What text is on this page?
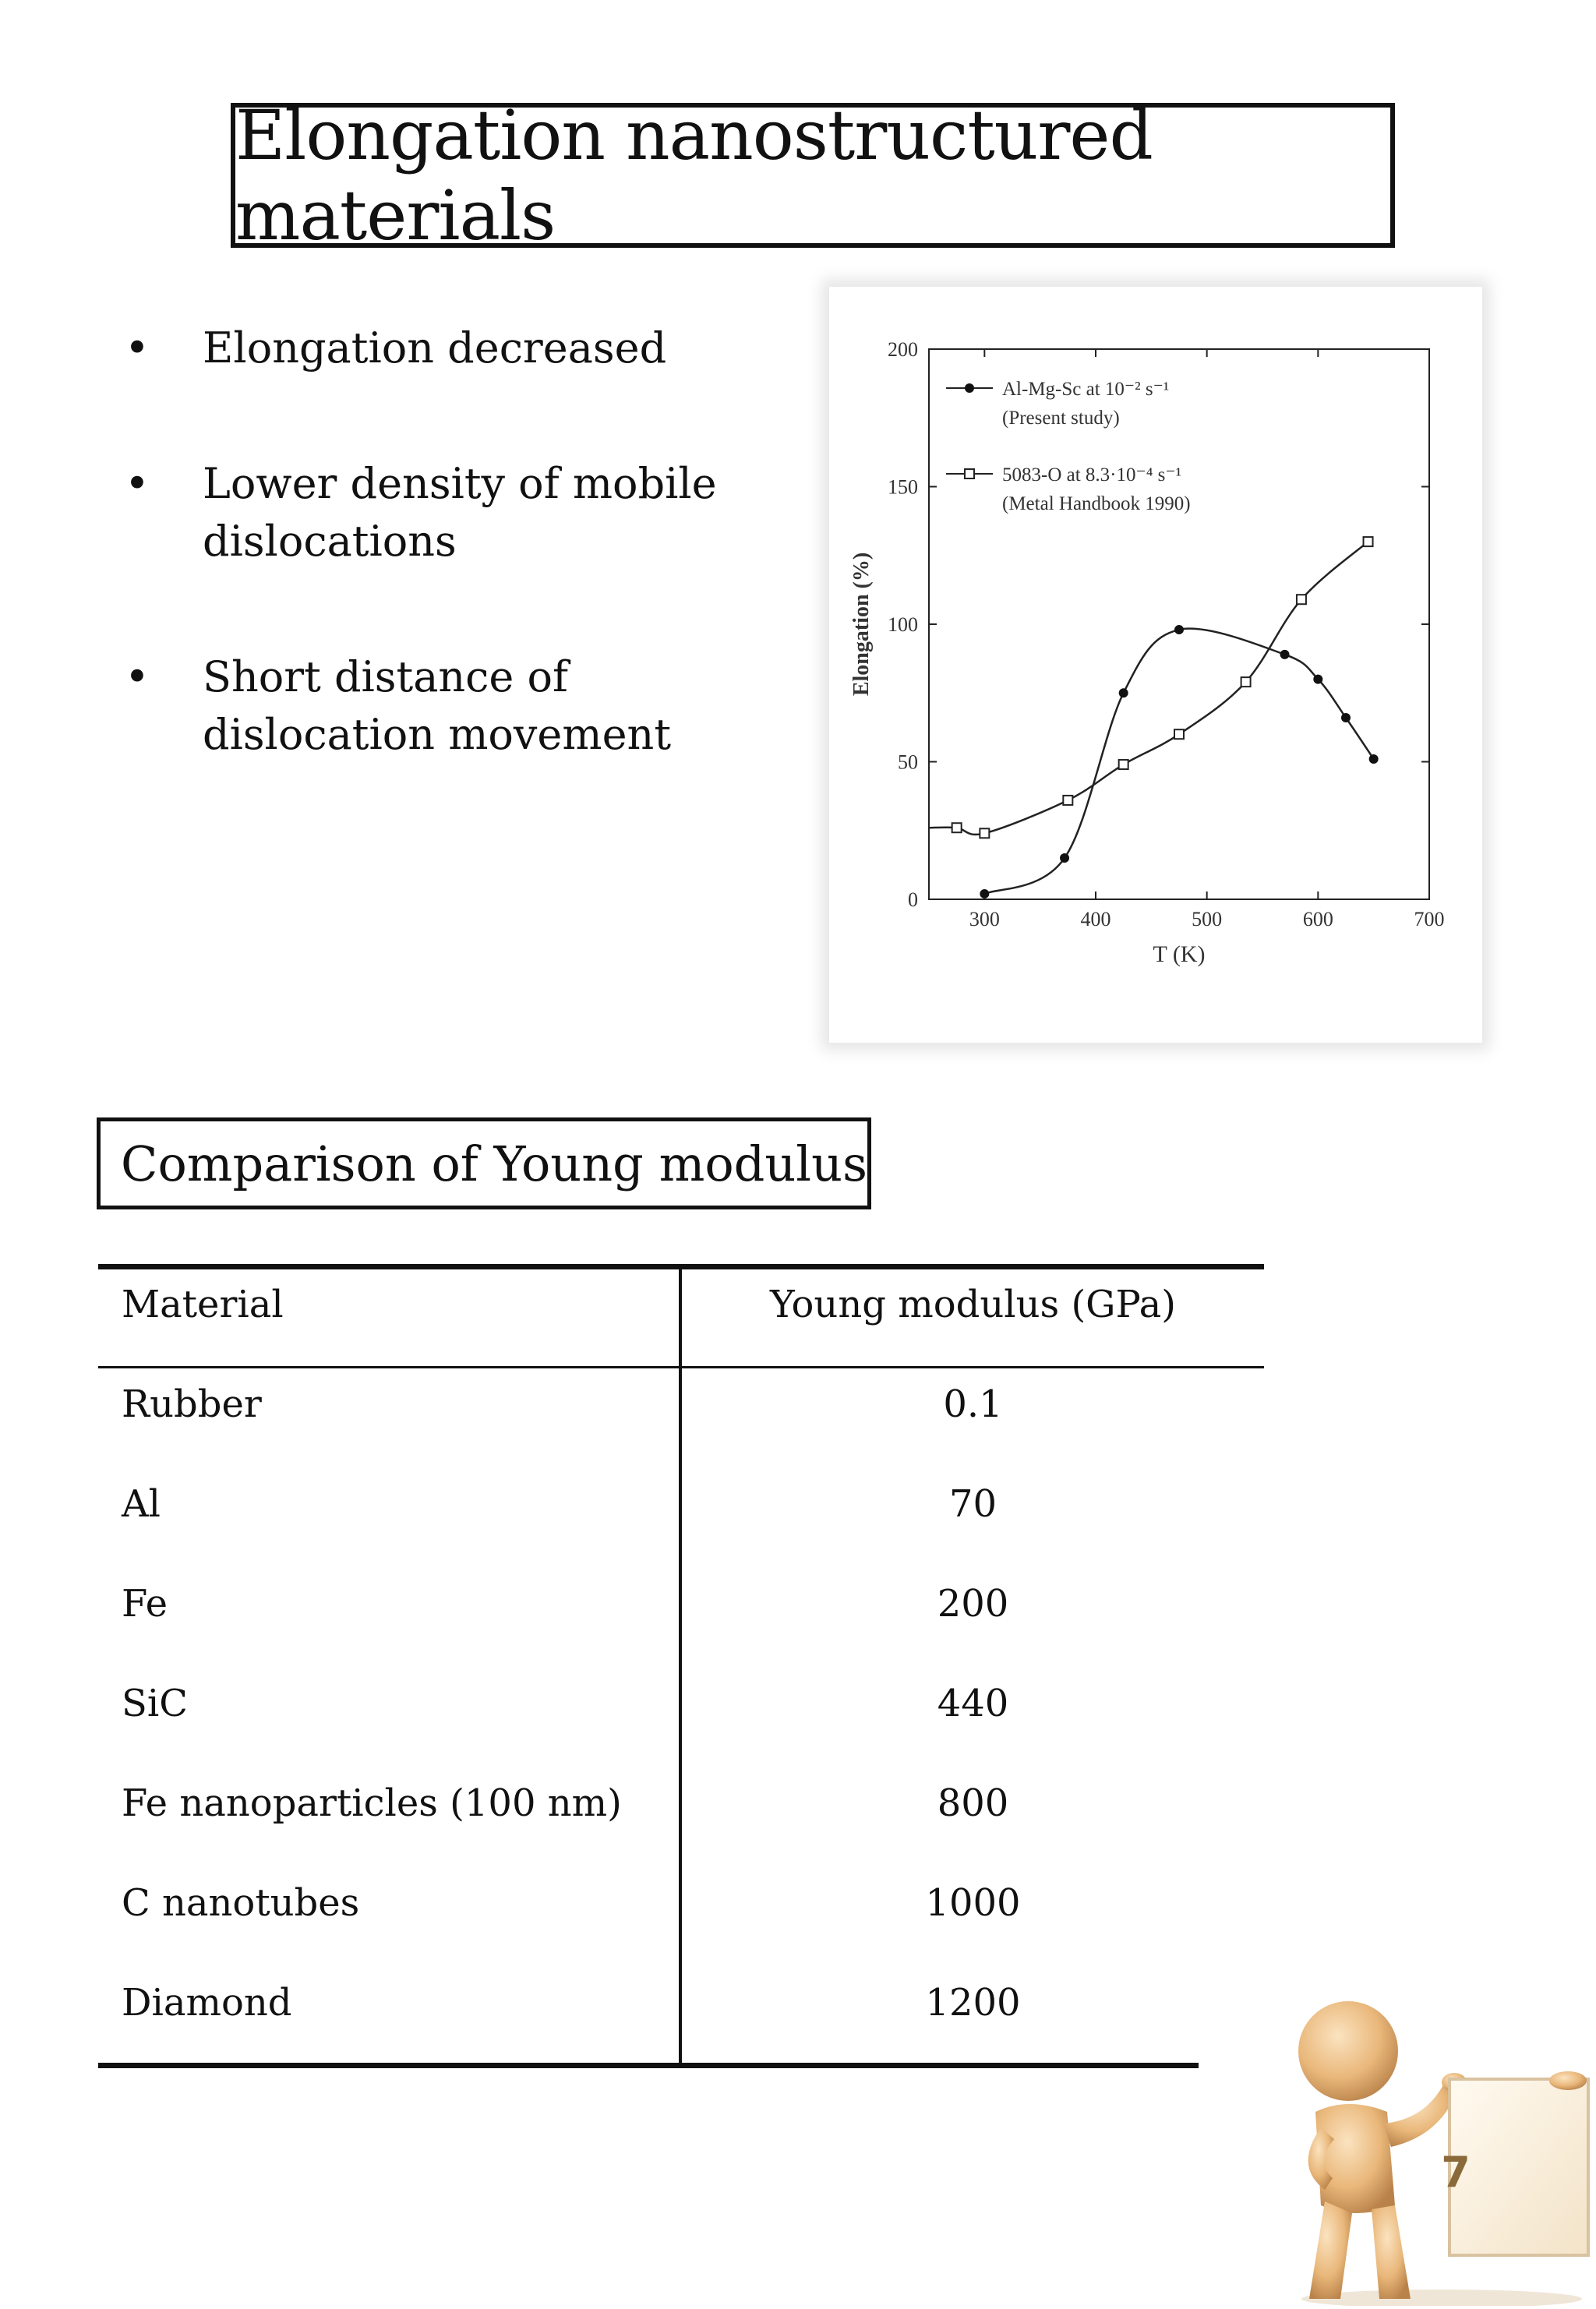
Elongation nanostructured materials
• Elongation decreased
• Lower density of mobile dislocations
• Short distance of dislocation movement
300	400	500	600	700
0
50
100
150
200
T (K)
Elongation (%)
Al-Mg-Sc at 10⁻² s⁻¹
(Present study)
5083-O at 8.3·10⁻⁴ s⁻¹
(Metal Handbook 1990)
Comparison of Young modulus
Material	Young modulus (GPa)
Rubber	0.1
Al	70
Fe	200
SiC	440
Fe nanoparticles (100 nm)	800
C nanotubes	1000
Diamond	1200
7
